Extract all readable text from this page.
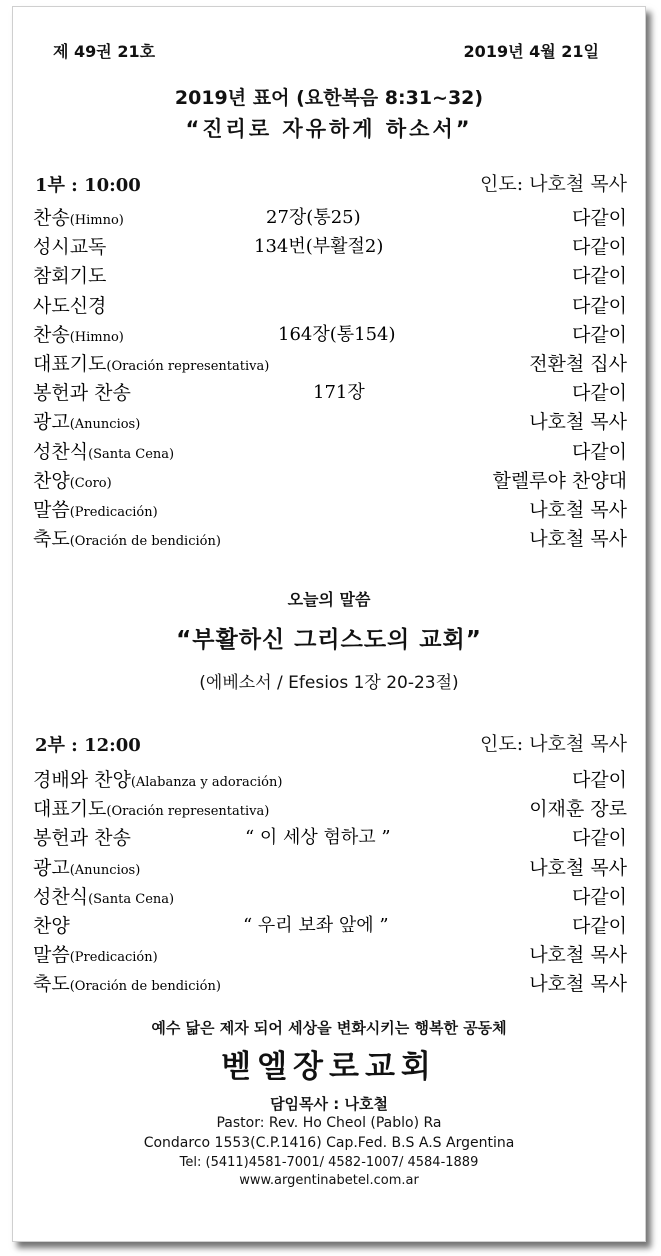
제 49권 21호	2019년 4월 21일
2019년 표어 (요한복음 8:31~32)
“진리로 자유하게 하소서”
1부 : 10:00	인도: 나호철 목사
찬송(Himno)	27장(통25)	다같이
성시교독	134번(부활절2)	다같이
참회기도	다같이
사도신경	다같이
찬송(Himno)	164장(통154)	다같이
대표기도(Oración representativa)	전환철 집사
봉헌과 찬송	171장	다같이
광고(Anuncios)	나호철 목사
성찬식(Santa Cena)	다같이
찬양(Coro)	할렐루야 찬양대
말씀(Predicación)	나호철 목사
축도(Oración de bendición)	나호철 목사
오늘의 말씀
“부활하신 그리스도의 교회”
(에베소서 / Efesios 1장 20-23절)
2부 : 12:00	인도: 나호철 목사
경배와 찬양(Alabanza y adoración)	다같이
대표기도(Oración representativa)	이재훈 장로
봉헌과 찬송	“ 이 세상 험하고 ”	다같이
광고(Anuncios)	나호철 목사
성찬식(Santa Cena)	다같이
찬양	“ 우리 보좌 앞에 ”	다같이
말씀(Predicación)	나호철 목사
축도(Oración de bendición)	나호철 목사
예수 닮은 제자 되어 세상을 변화시키는 행복한 공동체
벧엘장로교회
담임목사 : 나호철
Pastor: Rev. Ho Cheol (Pablo) Ra
Condarco 1553(C.P.1416) Cap.Fed. B.S A.S Argentina
Tel: (5411)4581-7001/ 4582-1007/ 4584-1889
www.argentinabetel.com.ar
